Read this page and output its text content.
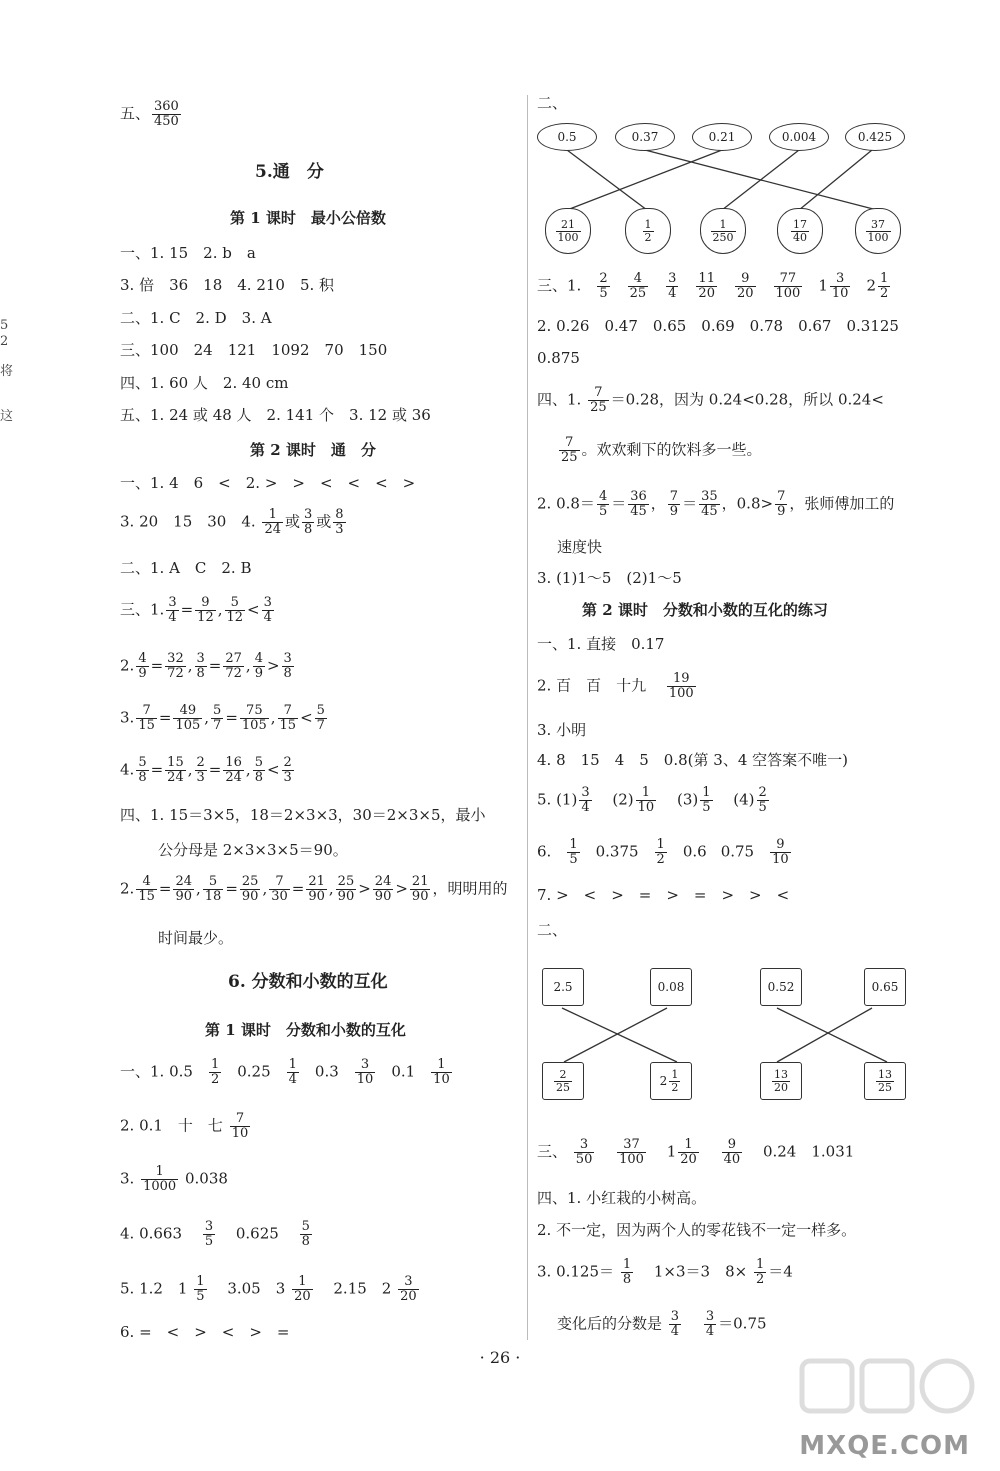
5
2
将
这
五、 $\frac{360}{450}$
5.通　分
第 1 课时　最小公倍数
一、1. 15　2. b　a
3. 倍　36　18　4. 210　5. 积
二、1. C　2. D　3. A
三、100　24　121　1092　70　150
四、1. 60 人　2. 40 cm
五、1. 24 或 48 人　2. 141 个　3. 12 或 36
第 2 课时　通　分
一、1. 4　6　<　2. >　>　<　<　<　>
3. 20　15　30　4. $\frac{1}{24}$ 或 $\frac{3}{8}$ 或 $\frac{8}{3}$
二、1. A　C　2. B
三、1. $\frac{3}{4} = \frac{9}{12}$ , $\frac{5}{12} < \frac{3}{4}$
2. $\frac{4}{9} = \frac{32}{72}$ , $\frac{3}{8} = \frac{27}{72}$ , $\frac{4}{9} > \frac{3}{8}$
3. $\frac{7}{15} = \frac{49}{105}$ , $\frac{5}{7} = \frac{75}{105}$ , $\frac{7}{15} < \frac{5}{7}$
4. $\frac{5}{8} = \frac{15}{24}$ , $\frac{2}{3} = \frac{16}{24}$ , $\frac{5}{8} < \frac{2}{3}$
四、1. 15＝3×5，18＝2×3×3，30＝2×3×5，最小
公分母是 2×3×3×5＝90。
2. $\frac{4}{15} = \frac{24}{90}$ , $\frac{5}{18} = \frac{25}{90}$ , $\frac{7}{30} = \frac{21}{90}$ , $\frac{25}{90} > \frac{24}{90} > \frac{21}{90}$ ，明明用的
时间最少。
6. 分数和小数的互化
第 1 课时　分数和小数的互化
一、1. $0.5 \frac{1}{2} 0.25 \frac{1}{4} 0.3 \frac{3}{10} 0.1 \frac{1}{10}$
2. 0.1　十　七 $\frac{7}{10}$
3. $\frac{1}{1000} 0.038$
4. $0.663 \frac{3}{5} 0.625 \frac{5}{8}$
5. 1.2　$1 \frac{1}{5} 3.05$　$3 \frac{1}{20} 2.15$　$2 \frac{3}{20}$
6. =　<　>　<　>　=
二、
0.5	0.37	0.21	0.004	0.425
$\frac{21}{100}$	$\frac{1}{2}$	$\frac{1}{250}$	$\frac{17}{40}$	$\frac{37}{100}$
三、1. $\frac{2}{5} \frac{4}{25} \frac{3}{4} \frac{11}{20} \frac{9}{20} \frac{77}{100} 1 \frac{3}{10} 2 \frac{1}{2}$
2. 0.26　0.47　0.65　0.69　0.78　0.67　0.3125
0.875
四、1. $\frac{7}{25} =0.28$，因为 0.24<0.28，所以 0.24<
$\frac{7}{25}$ 。欢欢剩下的饮料多一些。
2. $0.8= \frac{4}{5} = \frac{36}{45}$ ， $\frac{7}{9} = \frac{35}{45}$ ，$0.8> \frac{7}{9}$ ，张师傅加工的
速度快
3. (1)1～5　(2)1～5
第 2 课时　分数和小数的互化的练习
一、1. 直接　0.17
2. 百　百　十九 $\frac{19}{100}$
3. 小明
4. 8　15　4　5　0.8(第 3、4 空答案不唯一)
5. $(1) \frac{3}{4} (2) \frac{1}{10} (3) \frac{1}{5} (4) \frac{2}{5}$
6. $\frac{1}{5} 0.375 \frac{1}{2} 0.6$ $0.75 \frac{9}{10}$
7. >　<　>　=　>　=　>　>　<
二、
2.5	0.08	0.52	0.65
$\frac{2}{25}$	$2 \frac{1}{2}$	$\frac{13}{20}$	$\frac{13}{25}$
三、 $\frac{3}{50}$
$\frac{37}{100} 1 \frac{1}{20}$
$\frac{9}{40} 0.24$　1.031
四、1. 小红栽的小树高。
2. 不一定，因为两个人的零花钱不一定一样多。
3. $0.125= \frac{1}{8} 1\times 3=3$　$8\times \frac{1}{2} =4$
变化后的分数是 $\frac{3}{4}$
$\frac{3}{4} =0.75$
· 26 ·
MXQE.COM
